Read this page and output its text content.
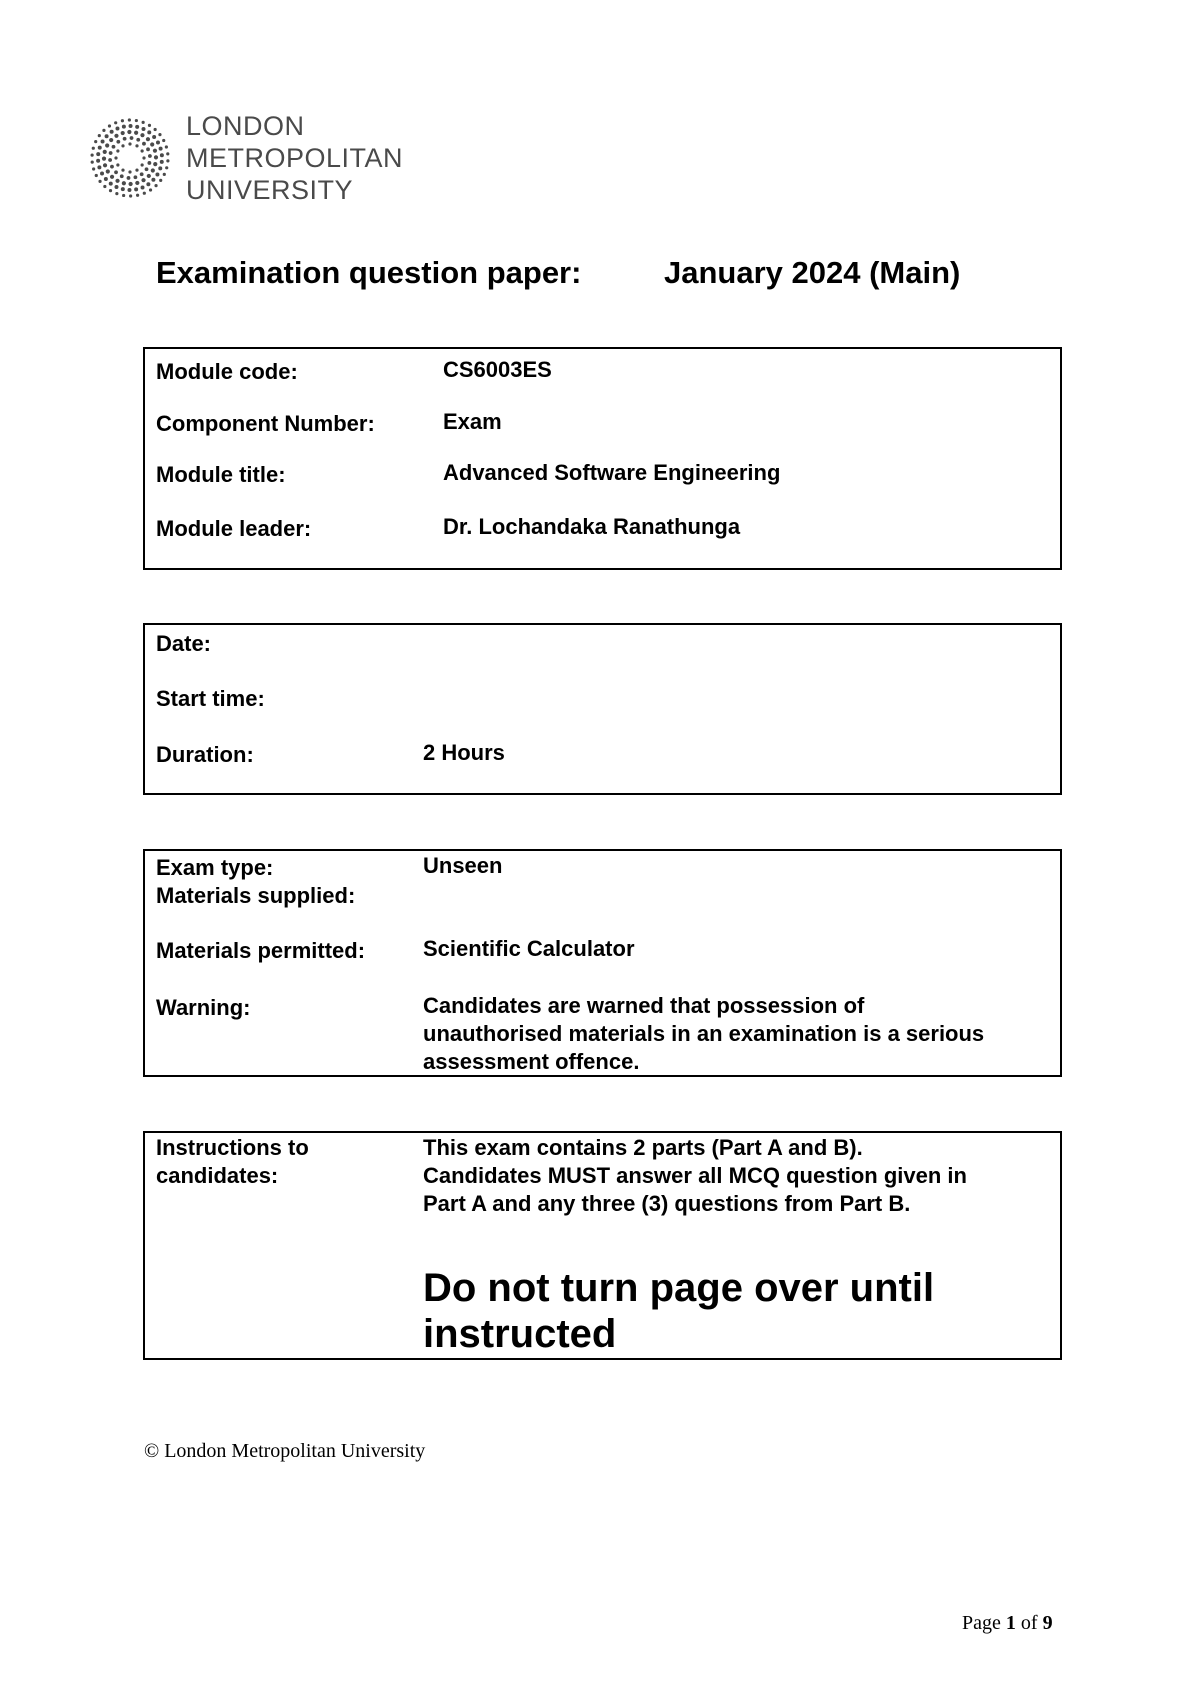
LONDON
METROPOLITAN
UNIVERSITY
Examination question paper:	January 2024 (Main)
Module code:	CS6003ES
Component Number:	Exam
Module title:	Advanced Software Engineering
Module leader:	Dr. Lochandaka Ranathunga
Date:
Start time:
Duration:	2 Hours
Exam type:	Unseen
Materials supplied:
Materials permitted:	Scientific Calculator
Warning:	Candidates are warned that possession of
unauthorised materials in an examination is a serious
assessment offence.
Instructions to
candidates:
This exam contains 2 parts (Part A and B).
Candidates MUST answer all MCQ question given in
Part A and any three (3) questions from Part B.
Do not turn page over until
instructed
© London Metropolitan University
Page 1 of 9
